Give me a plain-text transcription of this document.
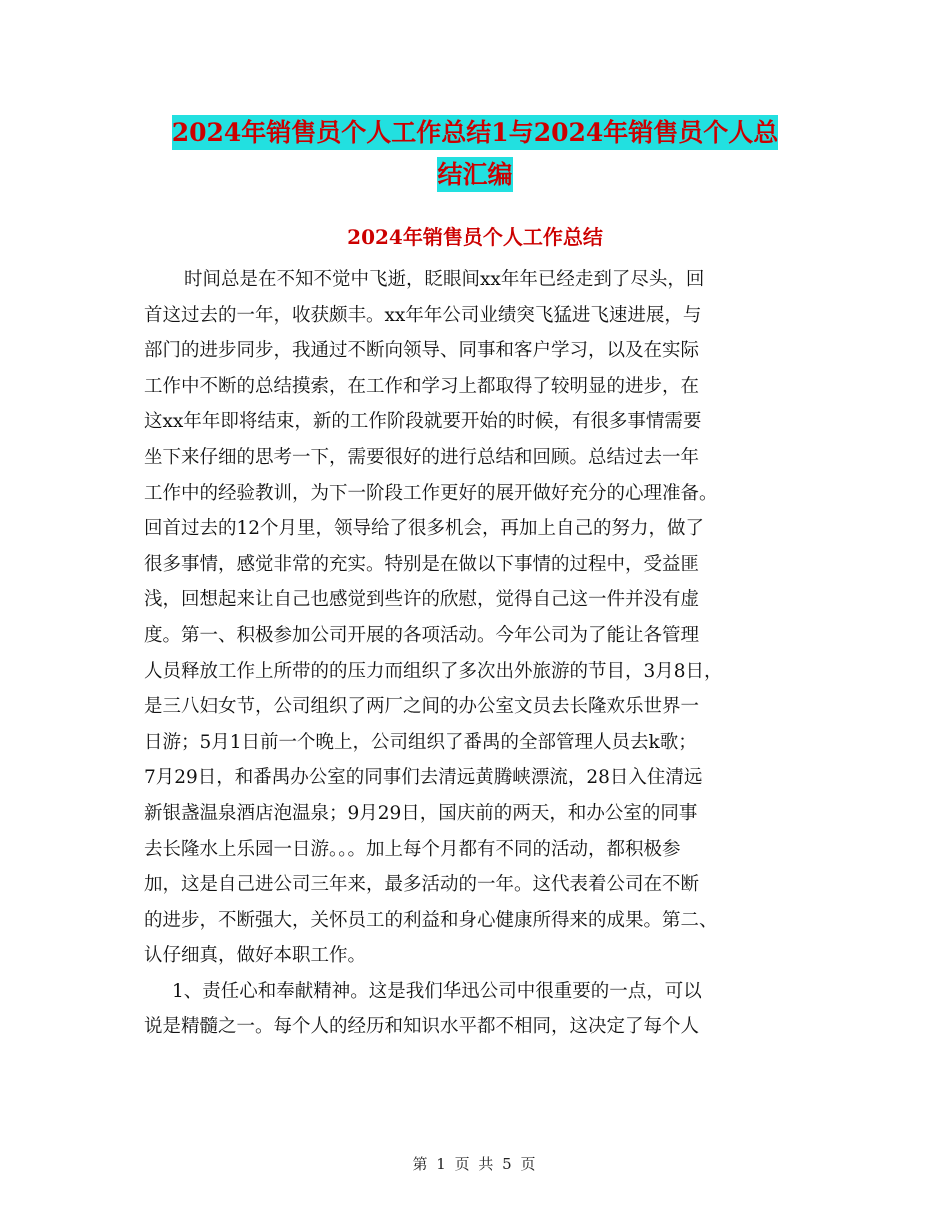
2024年销售员个人工作总结1与2024年销售员个人总
结汇编
2024年销售员个人工作总结
时间总是在不知不觉中飞逝，眨眼间xx年年已经走到了尽头，回
首这过去的一年，收获颇丰。xx年年公司业绩突飞猛进飞速进展，与
部门的进步同步，我通过不断向领导、同事和客户学习，以及在实际
工作中不断的总结摸索，在工作和学习上都取得了较明显的进步，在
这xx年年即将结束，新的工作阶段就要开始的时候，有很多事情需要
坐下来仔细的思考一下，需要很好的进行总结和回顾。总结过去一年
工作中的经验教训，为下一阶段工作更好的展开做好充分的心理准备。
回首过去的12个月里，领导给了很多机会，再加上自己的努力，做了
很多事情，感觉非常的充实。特别是在做以下事情的过程中，受益匪
浅，回想起来让自己也感觉到些许的欣慰，觉得自己这一件并没有虚
度。第一、积极参加公司开展的各项活动。今年公司为了能让各管理
人员释放工作上所带的的压力而组织了多次出外旅游的节目，3月8日，
是三八妇女节，公司组织了两厂之间的办公室文员去长隆欢乐世界一
日游；5月1日前一个晚上，公司组织了番禺的全部管理人员去k歌；
7月29日，和番禺办公室的同事们去清远黄腾峡漂流，28日入住清远
新银盏温泉酒店泡温泉；9月29日，国庆前的两天，和办公室的同事
去长隆水上乐园一日游。。。加上每个月都有不同的活动，都积极参
加，这是自己进公司三年来，最多活动的一年。这代表着公司在不断
的进步，不断强大，关怀员工的利益和身心健康所得来的成果。第二、
认仔细真，做好本职工作。
1、责任心和奉献精神。这是我们华迅公司中很重要的一点，可以
说是精髓之一。每个人的经历和知识水平都不相同，这决定了每个人
第 1 页 共 5 页
